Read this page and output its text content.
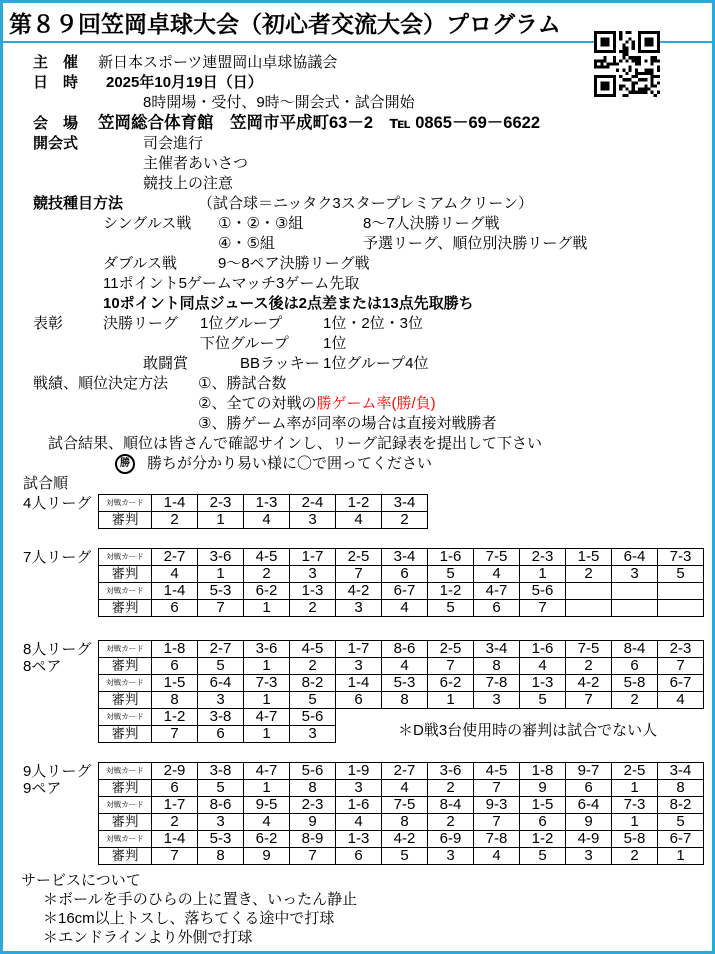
第８９回笠岡卓球大会（初心者交流大会）プログラム
主　催	新日本スポーツ連盟岡山卓球協議会
日　時	2025年10月19日（日）
8時開場・受付、9時～開会式・試合開始
会　場	笠岡総合体育館　笠岡市平成町63－2　℡ 0865－69－6622
開会式	司会進行
主催者あいさつ
競技上の注意
競技種目方法	（試合球＝ニッタク3スタープレミアムクリーン）
シングルス戦	①・②・③組	8～7人決勝リーグ戦
④・⑤組	予選リーグ、順位別決勝リーグ戦
ダブルス戦	9～8ペア決勝リーグ戦
11ポイント5ゲームマッチ3ゲーム先取
10ポイント同点ジュース後は2点差または13点先取勝ち
表彰	決勝リーグ	1位グループ	1位・2位・3位
下位グループ	1位
敢闘賞	BBラッキー 1位グループ4位
戦績、順位決定方法	①、勝試合数
②、全ての対戦の 勝ゲーム率(勝/負)
③、勝ゲーム率が同率の場合は直接対戦勝者
試合結果、順位は皆さんで確認サインし、リーグ記録表を提出して下さい
勝	勝ちが分かり易い様に〇で囲ってください
試合順
4人リーグ	対戦カード	1-4	2-3	1-3	2-4	1-2	3-4
審判	2	1	4	3	4	2
7人リーグ	対戦カード	2-7	3-6	4-5	1-7	2-5	3-4	1-6	7-5	2-3	1-5	6-4	7-3
審判	4	1	2	3	7	6	5	4	1	2	3	5
対戦カード	1-4	5-3	6-2	1-3	4-2	6-7	1-2	4-7	5-6			
審判	6	7	1	2	3	4	5	6	7			
8人リーグ
8ペア
対戦カード	1-8	2-7	3-6	4-5	1-7	8-6	2-5	3-4	1-6	7-5	8-4	2-3
審判	6	5	1	2	3	4	7	8	4	2	6	7
対戦カード	1-5	6-4	7-3	8-2	1-4	5-3	6-2	7-8	1-3	4-2	5-8	6-7
審判	8	3	1	5	6	8	1	3	5	7	2	4
対戦カード	1-2	3-8	4-7	5-6								
審判	7	6	1	3									＊D戦3台使用時の審判は試合でない人
9人リーグ
9ペア
対戦カード	2-9	3-8	4-7	5-6	1-9	2-7	3-6	4-5	1-8	9-7	2-5	3-4
審判	6	5	1	8	3	4	2	7	9	6	1	8
対戦カード	1-7	8-6	9-5	2-3	1-6	7-5	8-4	9-3	1-5	6-4	7-3	8-2
審判	2	3	4	9	4	8	2	7	6	9	1	5
対戦カード	1-4	5-3	6-2	8-9	1-3	4-2	6-9	7-8	1-2	4-9	5-8	6-7
審判	7	8	9	7	6	5	3	4	5	3	2	1
サービスについて
＊ボールを手のひらの上に置き、いったん静止
＊16cm以上トスし、落ちてくる途中で打球
＊エンドラインより外側で打球
